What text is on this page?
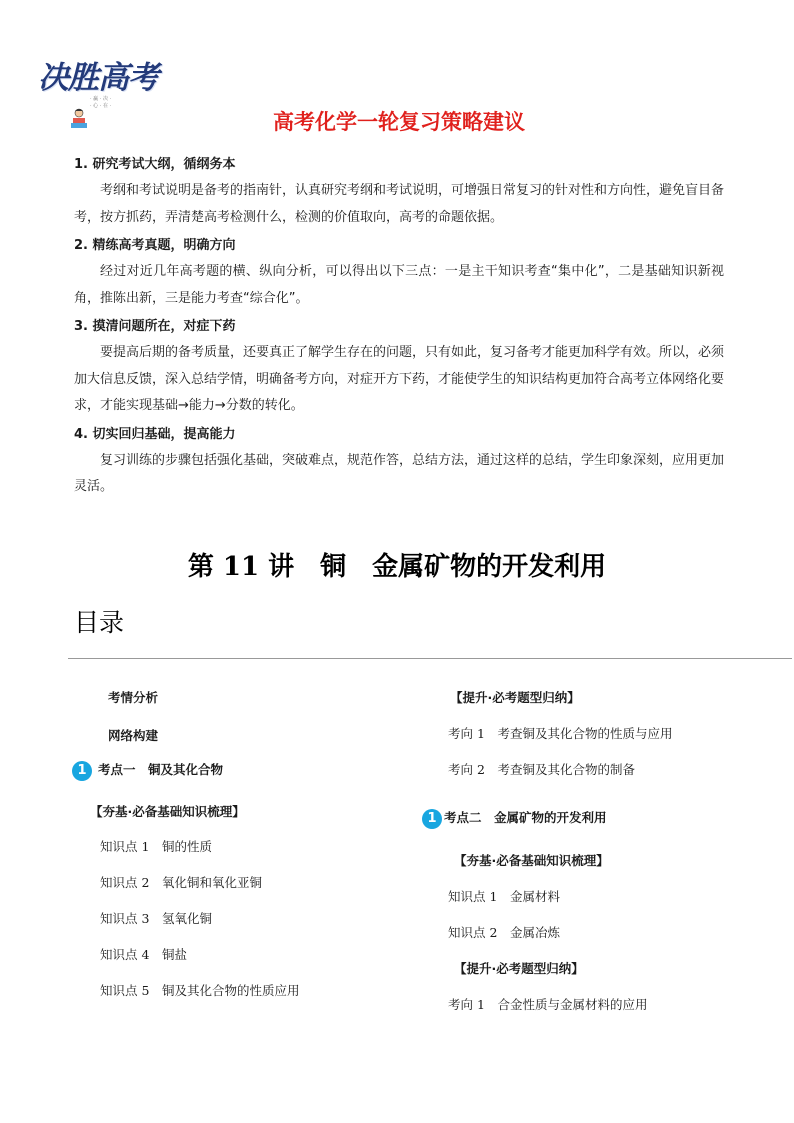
决胜高考
· 赢 · 决 ·
· 心 · 在 ·
高考化学一轮复习策略建议
1. 研究考试大纲，循纲务本
考纲和考试说明是备考的指南针，认真研究考纲和考试说明，可增强日常复习的针对性和方向性，避免盲目备考，按方抓药，弄清楚高考检测什么，检测的价值取向，高考的命题依据。
2. 精练高考真题，明确方向
经过对近几年高考题的横、纵向分析，可以得出以下三点：一是主干知识考查“集中化”，二是基础知识新视角，推陈出新，三是能力考查“综合化”。
3. 摸清问题所在，对症下药
要提高后期的备考质量，还要真正了解学生存在的问题，只有如此，复习备考才能更加科学有效。所以，必须加大信息反馈，深入总结学情，明确备考方向，对症开方下药，才能使学生的知识结构更加符合高考立体网络化要求，才能实现基础→能力→分数的转化。
4. 切实回归基础，提高能力
复习训练的步骤包括强化基础，突破难点，规范作答，总结方法，通过这样的总结，学生印象深刻，应用更加灵活。
第 11 讲　铜　金属矿物的开发利用
目录
考情分析
网络构建
1 考点一　铜及其化合物
【夯基·必备基础知识梳理】
知识点 1　 铜的性质
知识点 2　 氧化铜和氧化亚铜
知识点 3　 氢氧化铜
知识点 4　 铜盐
知识点 5　 铜及其化合物的性质应用
【提升·必考题型归纳】
考向 1　 考查铜及其化合物的性质与应用
考向 2　 考查铜及其化合物的制备
1 考点二　金属矿物的开发利用
【夯基·必备基础知识梳理】
知识点 1　 金属材料
知识点 2　 金属冶炼
【提升·必考题型归纳】
考向 1　 合金性质与金属材料的应用
